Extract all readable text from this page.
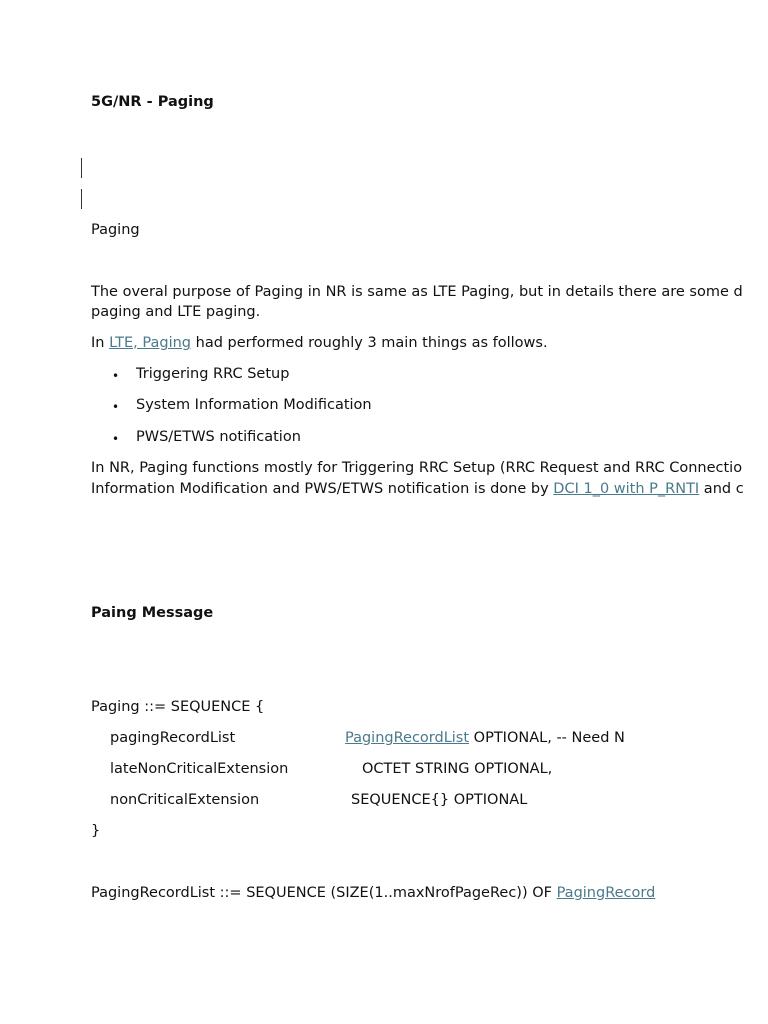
5G/NR - Paging
Paging
The overal purpose of Paging in NR is same as LTE Paging, but in details there are some d
paging and LTE paging.
In LTE, Paging had performed roughly 3 main things as follows.
• Triggering RRC Setup
• System Information Modification
• PWS/ETWS notification
In NR, Paging functions mostly for Triggering RRC Setup (RRC Request and RRC Connectio
Information Modification and PWS/ETWS notification is done by DCI 1_0 with P_RNTI and c
Paing Message
Paging ::= SEQUENCE {
pagingRecordList	PagingRecordList OPTIONAL, -- Need N
lateNonCriticalExtension	OCTET STRING OPTIONAL,
nonCriticalExtension	SEQUENCE{} OPTIONAL
}
PagingRecordList ::= SEQUENCE (SIZE(1..maxNrofPageRec)) OF PagingRecord
